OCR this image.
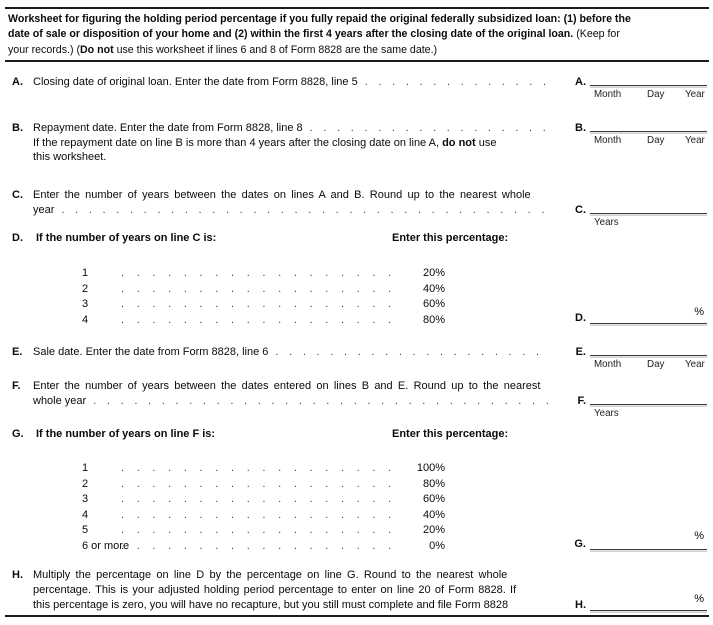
Worksheet for figuring the holding period percentage if you fully repaid the original federally subsidized loan: (1) before the
date of sale or disposition of your home and (2) within the first 4 years after the closing date of the original loan. (Keep for
your records.) (Do not use this worksheet if lines 6 and 8 of Form 8828 are the same date.)
A. Closing date of original loan. Enter the date from Form 8828, line 5 . . .	A.
Month	Day Year
B. Repayment date. Enter the date from Form 8828, line 8
. . .
If the repayment date on line B is more than 4 years after the closing date on line A, do not use
this worksheet.
B.
Month	Day Year
C. Enter the number of years between the dates on lines A and B. Round up to the nearest whole
year . . .	C.
Years
D. If the number of years on line C is:	Enter this percentage:
1 . . .	20%
2 . . .	40%
3 . . .	60%
4 . . .	80%
%
D.
E. Sale date. Enter the date from Form 8828, line 6 . . .	E.
Month	Day Year
F. Enter the number of years between the dates entered on lines B and E. Round up to the nearest
whole year . . .	F.
Years
G. If the number of years on line F is:	Enter this percentage:
1 . . .	100%
2 . . .	80%
3 . . .	60%
4 . . .	40%
5 . . .	20%
6 or more . . .	0%
%
G.
H. Multiply the percentage on line D by the percentage on line G. Round to the nearest whole
percentage. This is your adjusted holding period percentage to enter on line 20 of Form 8828. If
this percentage is zero, you will have no recapture, but you still must complete and file Form 8828	%
H.
